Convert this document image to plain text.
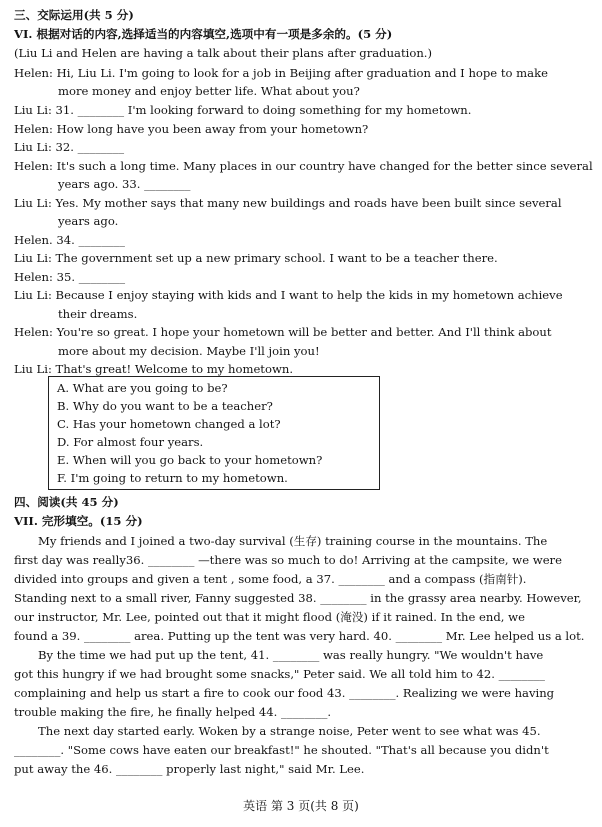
三、交际运用(共 5 分)
VI. 根据对话的内容,选择适当的内容填空,选项中有一项是多余的。(5 分)
(Liu Li and Helen are having a talk about their plans after graduation.)
Helen: Hi, Liu Li. I'm going to look for a job in Beijing after graduation and I hope to make
more money and enjoy better life. What about you?
Liu Li: 31. ________ I'm looking forward to doing something for my hometown.
Helen: How long have you been away from your hometown?
Liu Li: 32. ________
Helen: It's such a long time. Many places in our country have changed for the better since several
years ago. 33. ________
Liu Li: Yes. My mother says that many new buildings and roads have been built since several
years ago.
Helen. 34. ________
Liu Li: The government set up a new primary school. I want to be a teacher there.
Helen: 35. ________
Liu Li: Because I enjoy staying with kids and I want to help the kids in my hometown achieve
their dreams.
Helen: You're so great. I hope your hometown will be better and better. And I'll think about
more about my decision. Maybe I'll join you!
Liu Li: That's great! Welcome to my hometown.
A. What are you going to be?
B. Why do you want to be a teacher?
C. Has your hometown changed a lot?
D. For almost four years.
E. When will you go back to your hometown?
F. I'm going to return to my hometown.
四、阅读(共 45 分)
VII. 完形填空。(15 分)
My friends and I joined a two-day survival (生存) training course in the mountains. The
first day was really36. ________ —there was so much to do! Arriving at the campsite, we were
divided into groups and given a tent , some food, a 37. ________ and a compass (指南针).
Standing next to a small river, Fanny suggested 38. ________ in the grassy area nearby. However,
our instructor, Mr. Lee, pointed out that it might flood (淹没) if it rained. In the end, we
found a 39. ________ area. Putting up the tent was very hard. 40. ________ Mr. Lee helped us a lot.
By the time we had put up the tent, 41. ________ was really hungry. "We wouldn't have
got this hungry if we had brought some snacks," Peter said. We all told him to 42. ________
complaining and help us start a fire to cook our food 43. ________. Realizing we were having
trouble making the fire, he finally helped 44. ________.
The next day started early. Woken by a strange noise, Peter went to see what was 45.
________. "Some cows have eaten our breakfast!" he shouted. "That's all because you didn't
put away the 46. ________ properly last night," said Mr. Lee.
英语 第 3 页(共 8 页)
